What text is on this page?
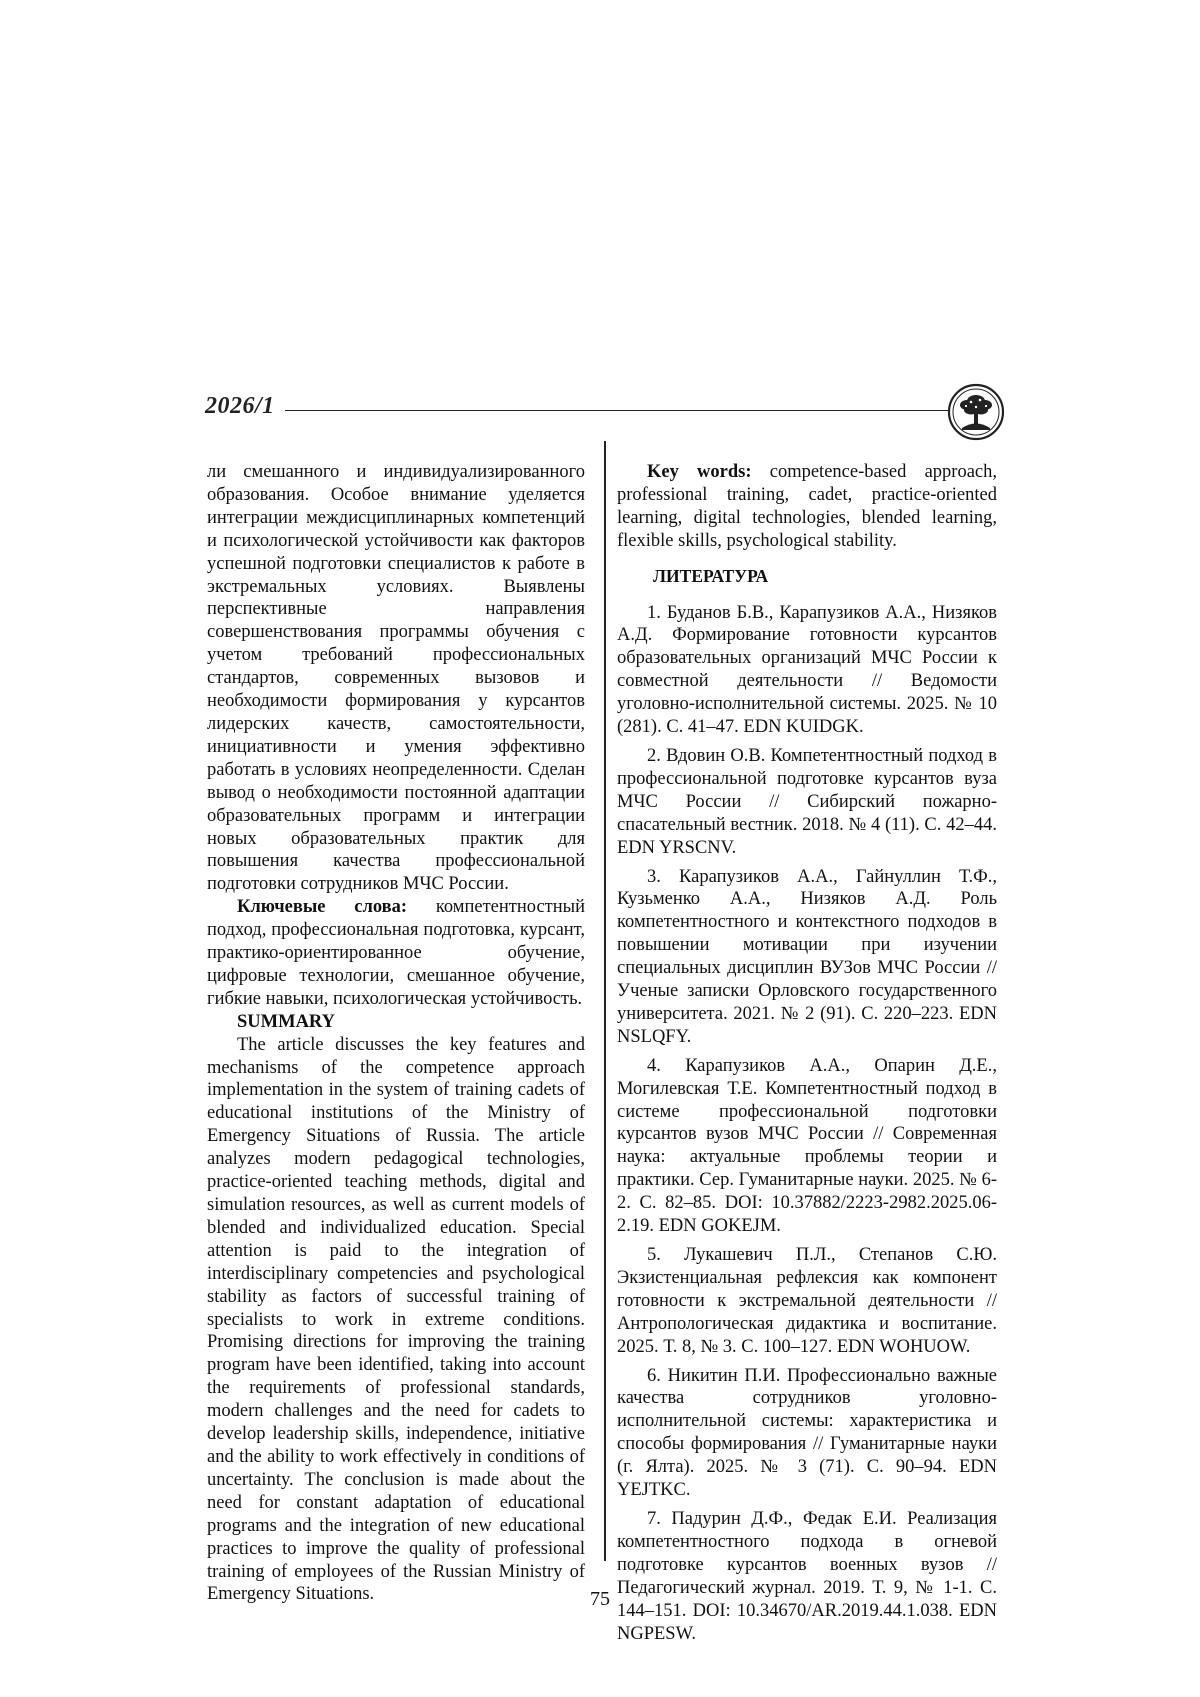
2026/1

ли смешанного и индивидуализированного образования. Особое внимание уделяется интеграции междисциплинарных компетенций и психологической устойчивости как факторов успешной подготовки специалистов к работе в экстремальных условиях. Выявлены перспективные направления совершенствования программы обучения с учетом требований профессиональных стандартов, современных вызовов и необходимости формирования у курсантов лидерских качеств, самостоятельности, инициативности и умения эффективно работать в условиях неопределенности. Сделан вывод о необходимости постоянной адаптации образовательных программ и интеграции новых образовательных практик для повышения качества профессиональной подготовки сотрудников МЧС России.

Ключевые слова: компетентностный подход, профессиональная подготовка, курсант, практико-ориентированное обучение, цифровые технологии, смешанное обучение, гибкие навыки, психологическая устойчивость.

SUMMARY

The article discusses the key features and mechanisms of the competence approach implementation in the system of training cadets of educational institutions of the Ministry of Emergency Situations of Russia. The article analyzes modern pedagogical technologies, practice-oriented teaching methods, digital and simulation resources, as well as current models of blended and individualized education. Special attention is paid to the integration of interdisciplinary competencies and psychological stability as factors of successful training of specialists to work in extreme conditions. Promising directions for improving the training program have been identified, taking into account the requirements of professional standards, modern challenges and the need for cadets to develop leadership skills, independence, initiative and the ability to work effectively in conditions of uncertainty. The conclusion is made about the need for constant adaptation of educational programs and the integration of new educational practices to improve the quality of professional training of employees of the Russian Ministry of Emergency Situations.

Key words: competence-based approach, professional training, cadet, practice-oriented learning, digital technologies, blended learning, flexible skills, psychological stability.

ЛИТЕРАТУРА

1. Буданов Б.В., Карапузиков А.А., Низяков А.Д. Формирование готовности курсантов образовательных организаций МЧС России к совместной деятельности // Ведомости уголовно-исполнительной системы. 2025. № 10 (281). С. 41–47. EDN KUIDGK.

2. Вдовин О.В. Компетентностный подход в профессиональной подготовке курсантов вуза МЧС России // Сибирский пожарно-спасательный вестник. 2018. № 4 (11). С. 42–44. EDN YRSCNV.

3. Карапузиков А.А., Гайнуллин Т.Ф., Кузьменко А.А., Низяков А.Д. Роль компетентностного и контекстного подходов в повышении мотивации при изучении специальных дисциплин ВУЗов МЧС России // Ученые записки Орловского государственного университета. 2021. № 2 (91). С. 220–223. EDN NSLQFY.

4. Карапузиков А.А., Опарин Д.Е., Могилевская Т.Е. Компетентностный подход в системе профессиональной подготовки курсантов вузов МЧС России // Современная наука: актуальные проблемы теории и практики. Сер. Гуманитарные науки. 2025. № 6-2. С. 82–85. DOI: 10.37882/2223-2982.2025.06-2.19. EDN GOKEJM.

5. Лукашевич П.Л., Степанов С.Ю. Экзистенциальная рефлексия как компонент готовности к экстремальной деятельности // Антропологическая дидактика и воспитание. 2025. Т. 8, № 3. С. 100–127. EDN WOHUOW.

6. Никитин П.И. Профессионально важные качества сотрудников уголовно-исполнительной системы: характеристика и способы формирования // Гуманитарные науки (г. Ялта). 2025. № 3 (71). С. 90–94. EDN YEJTKC.

7. Падурин Д.Ф., Федак Е.И. Реализация компетентностного подхода в огневой подготовке курсантов военных вузов // Педагогический журнал. 2019. Т. 9, № 1-1. С. 144–151. DOI: 10.34670/AR.2019.44.1.038. EDN NGPESW.

75
